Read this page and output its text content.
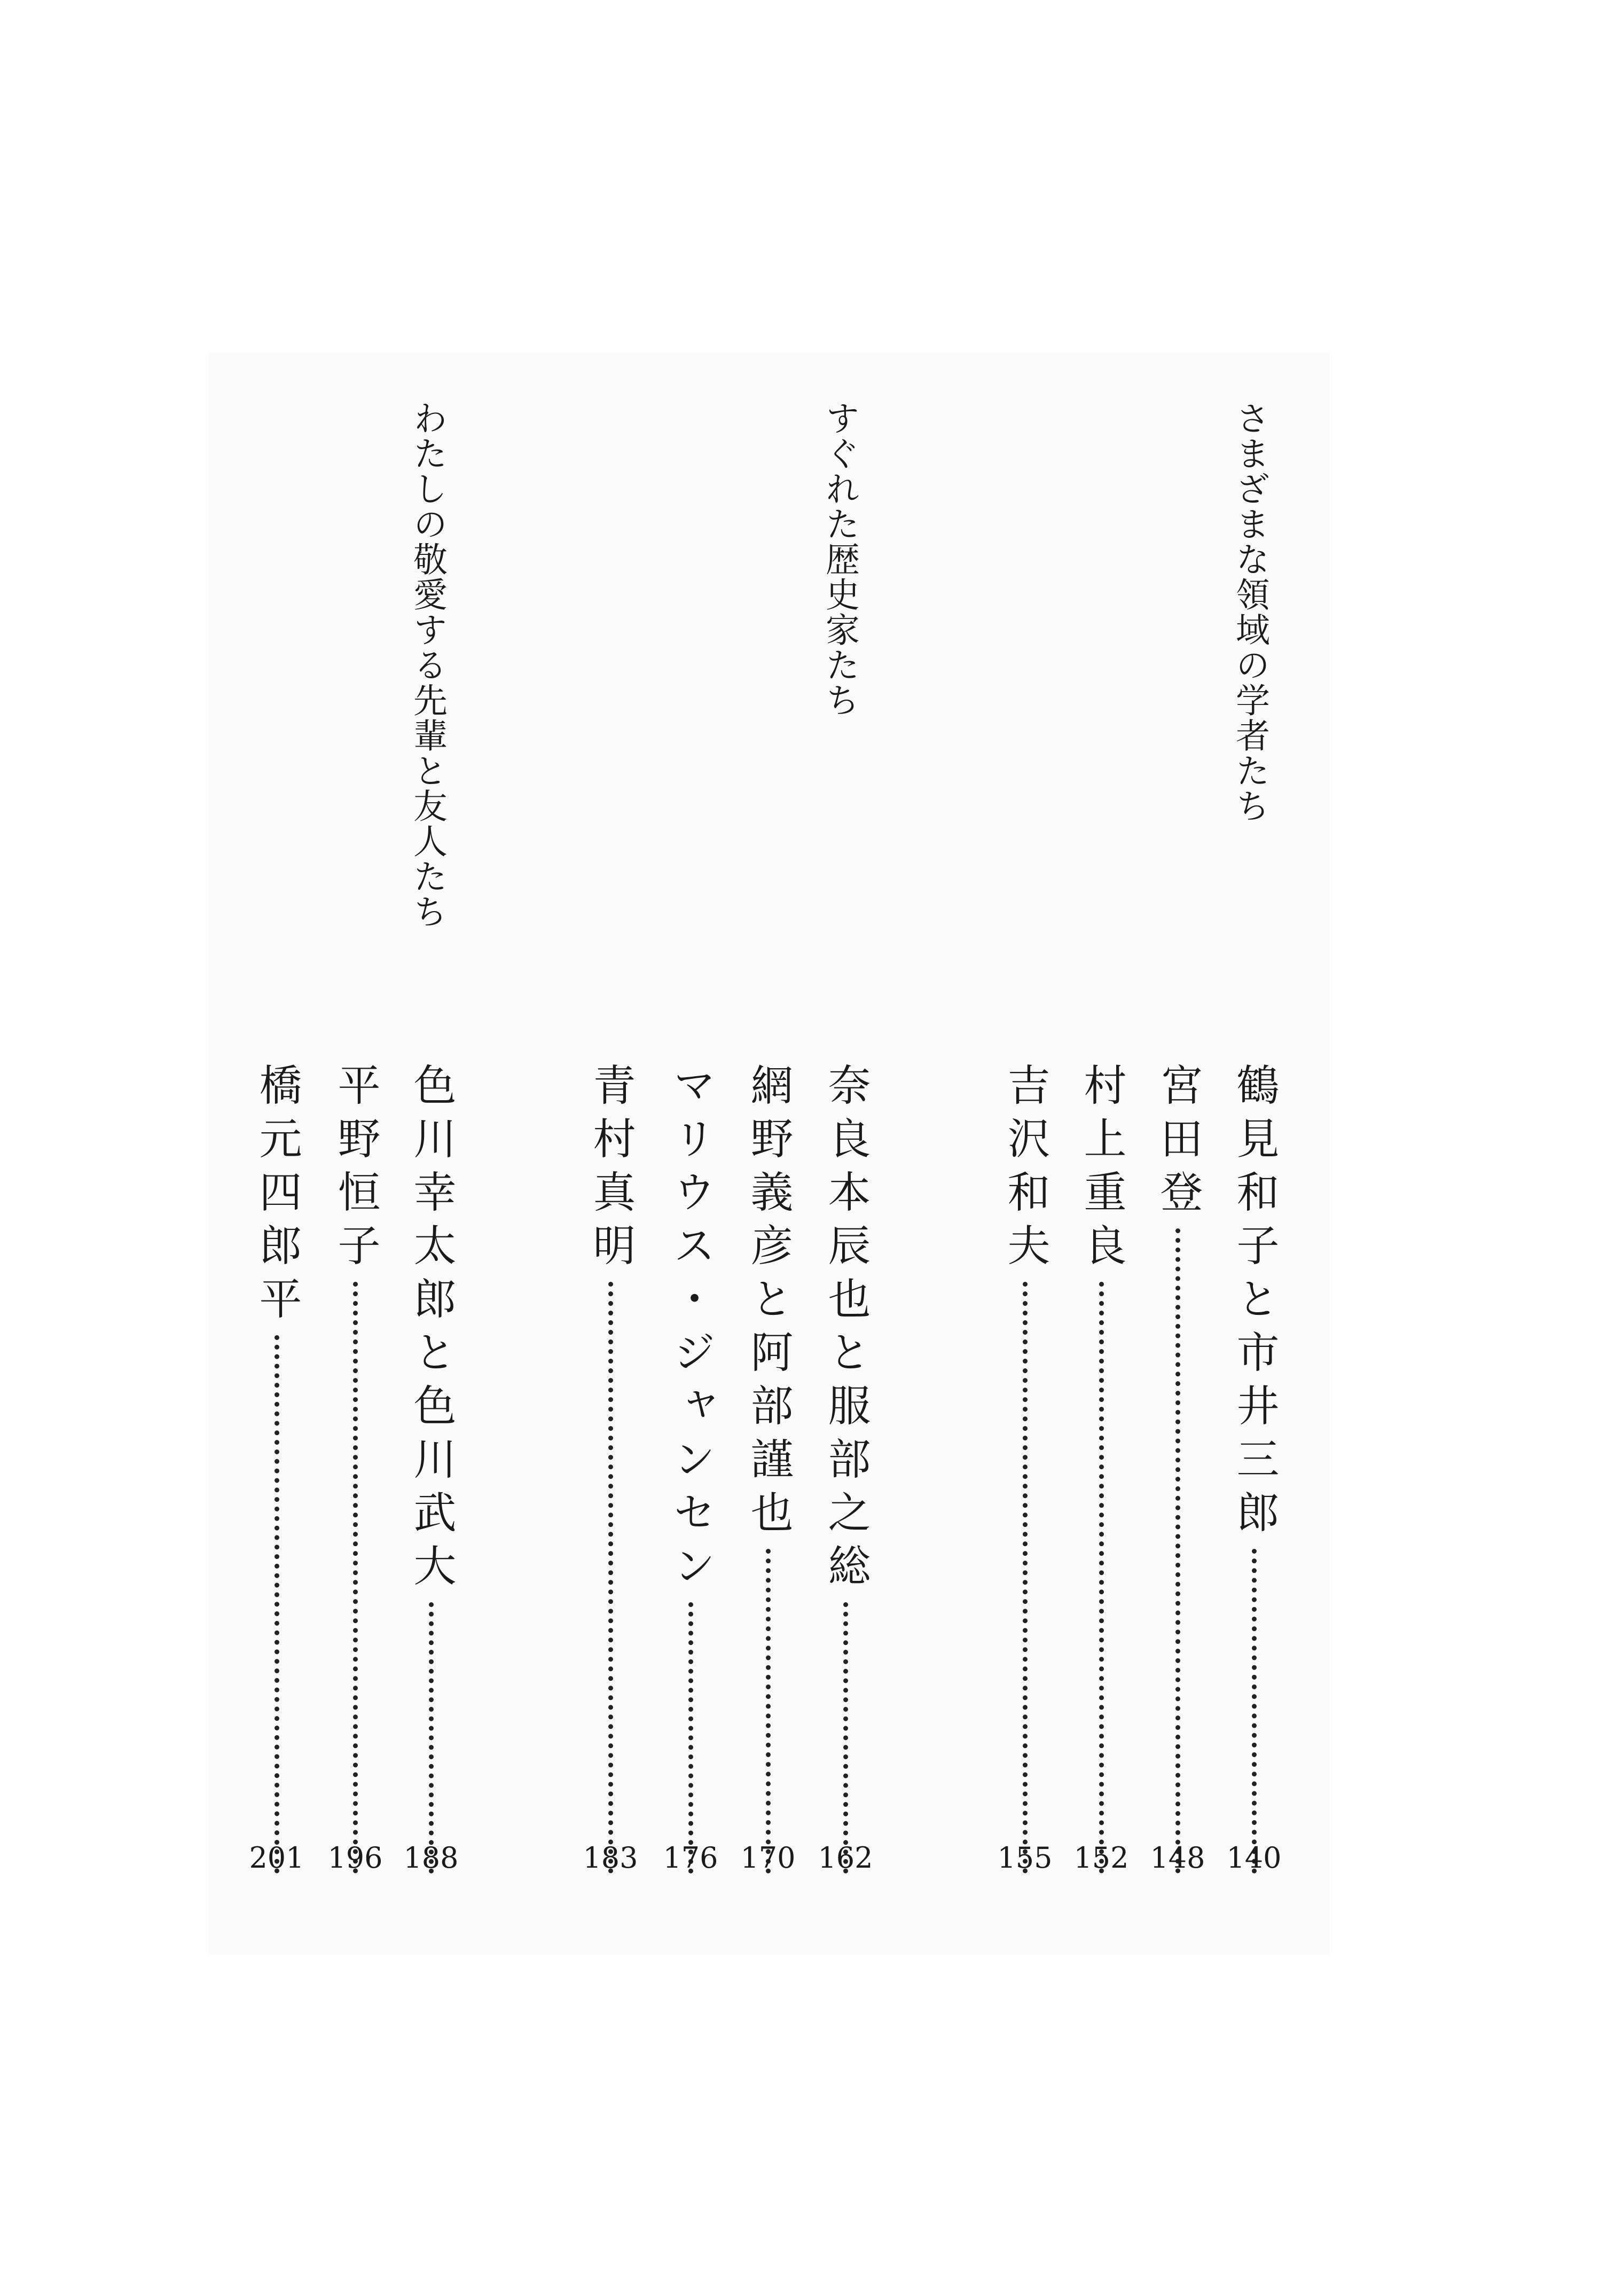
さまざまな領域の学者たち
すぐれた歴史家たち
わたしの敬愛する先輩と友人たち
鶴見和子と市井三郎
140
宮田登
148
村上重良
152
吉沢和夫
155
奈良本辰也と服部之総
162
網野義彦と阿部謹也
170
マリウス・ジャンセン
176
青村真明
183
色川幸太郎と色川武大
188
平野恒子
196
橋元四郎平
201
